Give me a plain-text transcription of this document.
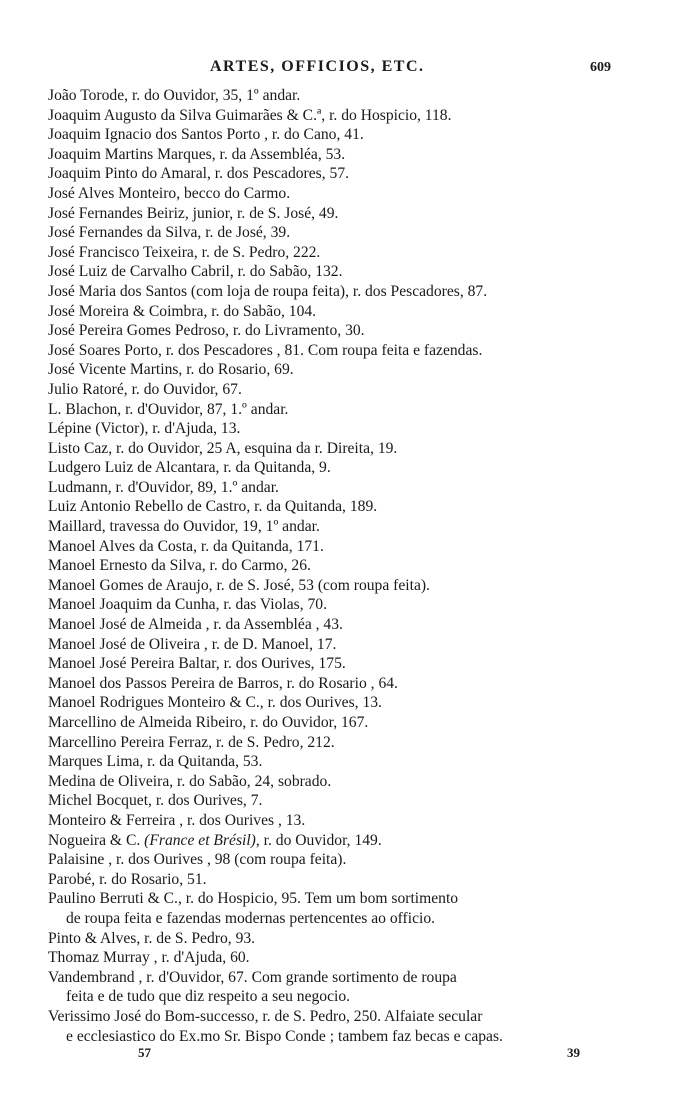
ARTES, OFFICIOS, ETC.	609
João Torode, r. do Ouvidor, 35, 1º andar.
Joaquim Augusto da Silva Guimarães & C.ª, r. do Hospicio, 118.
Joaquim Ignacio dos Santos Porto , r. do Cano, 41.
Joaquim Martins Marques, r. da Assembléa, 53.
Joaquim Pinto do Amaral, r. dos Pescadores, 57.
José Alves Monteiro, becco do Carmo.
José Fernandes Beiriz, junior, r. de S. José, 49.
José Fernandes da Silva, r. de José, 39.
José Francisco Teixeira, r. de S. Pedro, 222.
José Luiz de Carvalho Cabril, r. do Sabão, 132.
José Maria dos Santos (com loja de roupa feita), r. dos Pescadores, 87.
José Moreira & Coimbra, r. do Sabão, 104.
José Pereira Gomes Pedroso, r. do Livramento, 30.
José Soares Porto, r. dos Pescadores , 81. Com roupa feita e fazendas.
José Vicente Martins, r. do Rosario, 69.
Julio Ratoré, r. do Ouvidor, 67.
L. Blachon, r. d'Ouvidor, 87, 1.º andar.
Lépine (Victor), r. d'Ajuda, 13.
Listo Caz, r. do Ouvidor, 25 A, esquina da r. Direita, 19.
Ludgero Luiz de Alcantara, r. da Quitanda, 9.
Ludmann, r. d'Ouvidor, 89, 1.º andar.
Luiz Antonio Rebello de Castro, r. da Quitanda, 189.
Maillard, travessa do Ouvidor, 19, 1º andar.
Manoel Alves da Costa, r. da Quitanda, 171.
Manoel Ernesto da Silva, r. do Carmo, 26.
Manoel Gomes de Araujo, r. de S. José, 53 (com roupa feita).
Manoel Joaquim da Cunha, r. das Violas, 70.
Manoel José de Almeida , r. da Assembléa , 43.
Manoel José de Oliveira , r. de D. Manoel, 17.
Manoel José Pereira Baltar, r. dos Ourives, 175.
Manoel dos Passos Pereira de Barros, r. do Rosario , 64.
Manoel Rodrigues Monteiro & C., r. dos Ourives, 13.
Marcellino de Almeida Ribeiro, r. do Ouvidor, 167.
Marcellino Pereira Ferraz, r. de S. Pedro, 212.
Marques Lima, r. da Quitanda, 53.
Medina de Oliveira, r. do Sabão, 24, sobrado.
Michel Bocquet, r. dos Ourives, 7.
Monteiro & Ferreira , r. dos Ourives , 13.
Nogueira & C. (France et Brésil), r. do Ouvidor, 149.
Palaisine , r. dos Ourives , 98 (com roupa feita).
Parobé, r. do Rosario, 51.
Paulino Berruti & C., r. do Hospicio, 95. Tem um bom sortimento
de roupa feita e fazendas modernas pertencentes ao officio.
Pinto & Alves, r. de S. Pedro, 93.
Thomaz Murray , r. d'Ajuda, 60.
Vandembrand , r. d'Ouvidor, 67. Com grande sortimento de roupa
feita e de tudo que diz respeito a seu negocio.
Verissimo José do Bom-successo, r. de S. Pedro, 250. Alfaiate secular
e ecclesiastico do Ex.mo Sr. Bispo Conde ; tambem faz becas e capas.
57	39
